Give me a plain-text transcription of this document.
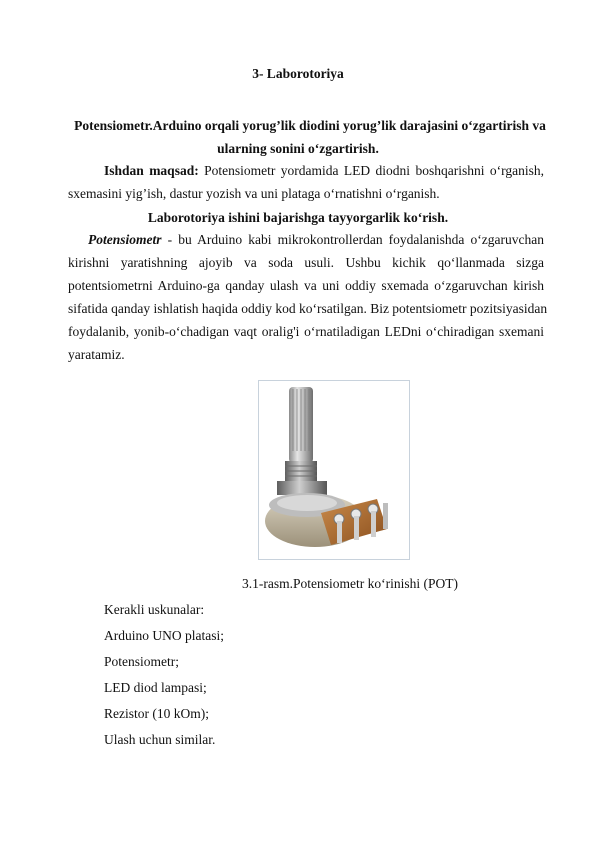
3- Laborotoriya
Potensiometr.Arduino orqali yorug’lik diodini yorug’lik darajasini o‘zgartirish va
ularning sonini o‘zgartirish.
Ishdan maqsad: Potensiometr yordamida LED diodni boshqarishni o‘rganish,
sxemasini yig’ish, dastur yozish va uni plataga o‘rnatishni o‘rganish.
Laborotoriya ishini bajarishga tayyorgarlik ko‘rish.
Potensiometr - bu Arduino kabi mikrokontrollerdan foydalanishda o‘zgaruvchan
kirishni yaratishning ajoyib va soda usuli. Ushbu kichik qo‘llanmada sizga
potentsiometrni Arduino-ga qanday ulash va uni oddiy sxemada o‘zgaruvchan kirish
sifatida qanday ishlatish haqida oddiy kod ko‘rsatilgan. Biz potentsiometr pozitsiyasidan
foydalanib, yonib-o‘chadigan vaqt oralig'i o‘rnatiladigan LEDni o‘chiradigan sxemani
yaratamiz.
3.1-rasm.Potensiometr ko‘rinishi (POT)
Kerakli uskunalar:
Arduino UNO platasi;
Potensiometr;
LED diod lampasi;
Rezistor (10 kOm);
Ulash uchun similar.
